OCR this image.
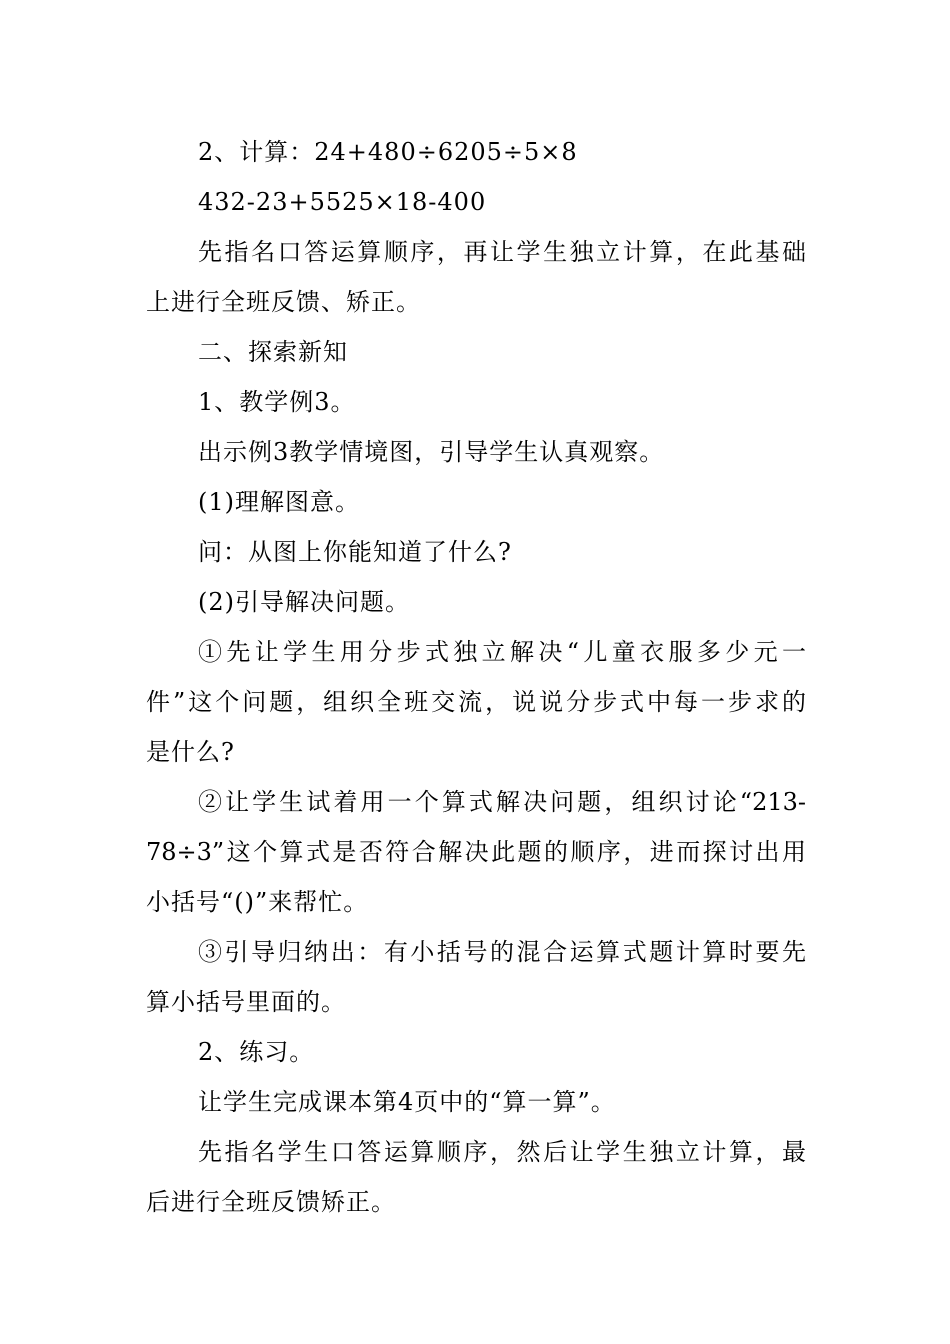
2、计算：24+480÷6205÷5×8
432-23+5525×18-400
先指名口答运算顺序，再让学生独立计算，在此基础
上进行全班反馈、矫正。
二、探索新知
1、教学例3。
出示例3教学情境图，引导学生认真观察。
(1)理解图意。
问：从图上你能知道了什么?
(2)引导解决问题。
①先让学生用分步式独立解决“儿童衣服多少元一
件”这个问题，组织全班交流，说说分步式中每一步求的
是什么?
②让学生试着用一个算式解决问题，组织讨论“213-
78÷3”这个算式是否符合解决此题的顺序，进而探讨出用
小括号“()”来帮忙。
③引导归纳出：有小括号的混合运算式题计算时要先
算小括号里面的。
2、练习。
让学生完成课本第4页中的“算一算”。
先指名学生口答运算顺序，然后让学生独立计算，最
后进行全班反馈矫正。
